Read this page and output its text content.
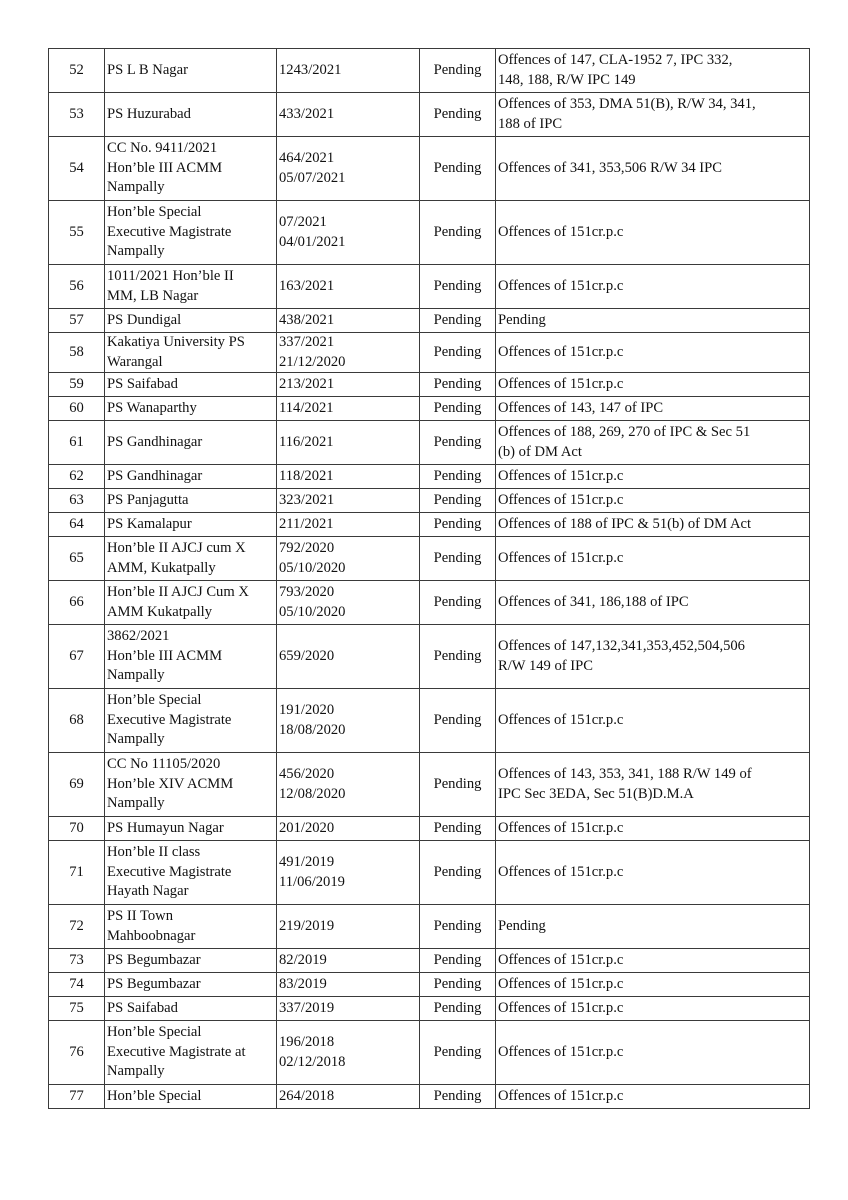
52	PS L B Nagar	1243/2021	Pending	Offences of 147, CLA-1952 7, IPC 332,
148, 188, R/W IPC 149

53	PS Huzurabad	433/2021	Pending	Offences of 353, DMA 51(B), R/W 34, 341,
188 of IPC

54	CC No. 9411/2021
Hon’ble III ACMM
Nampally	464/2021
05/07/2021	Pending	Offences of 341, 353,506 R/W 34 IPC

55	Hon’ble Special
Executive Magistrate
Nampally	07/2021
04/01/2021	Pending	Offences of 151cr.p.c

56	1011/2021 Hon’ble II
MM, LB Nagar	163/2021	Pending	Offences of 151cr.p.c

57	PS Dundigal	438/2021	Pending	Pending

58	Kakatiya University PS
Warangal	337/2021
21/12/2020	Pending	Offences of 151cr.p.c

59	PS Saifabad	213/2021	Pending	Offences of 151cr.p.c

60	PS Wanaparthy	114/2021	Pending	Offences of 143, 147 of IPC

61	PS Gandhinagar	116/2021	Pending	Offences of 188, 269, 270 of IPC & Sec 51
(b) of DM Act

62	PS Gandhinagar	118/2021	Pending	Offences of 151cr.p.c

63	PS Panjagutta	323/2021	Pending	Offences of 151cr.p.c

64	PS Kamalapur	211/2021	Pending	Offences of 188 of IPC & 51(b) of DM Act

65	Hon’ble II AJCJ cum X
AMM, Kukatpally	792/2020
05/10/2020	Pending	Offences of 151cr.p.c

66	Hon’ble II AJCJ Cum X
AMM Kukatpally	793/2020
05/10/2020	Pending	Offences of 341, 186,188 of IPC

67	3862/2021
Hon’ble III ACMM
Nampally	659/2020	Pending	Offences of 147,132,341,353,452,504,506
R/W 149 of IPC

68	Hon’ble Special
Executive Magistrate
Nampally	191/2020
18/08/2020	Pending	Offences of 151cr.p.c

69	CC No 11105/2020
Hon’ble XIV ACMM
Nampally	456/2020
12/08/2020	Pending	Offences of 143, 353, 341, 188 R/W 149 of
IPC Sec 3EDA, Sec 51(B)D.M.A

70	PS Humayun Nagar	201/2020	Pending	Offences of 151cr.p.c

71	Hon’ble II class
Executive Magistrate
Hayath Nagar	491/2019
11/06/2019	Pending	Offences of 151cr.p.c

72	PS II Town
Mahboobnagar	219/2019	Pending	Pending

73	PS Begumbazar	82/2019	Pending	Offences of 151cr.p.c

74	PS Begumbazar	83/2019	Pending	Offences of 151cr.p.c

75	PS Saifabad	337/2019	Pending	Offences of 151cr.p.c

76	Hon’ble Special
Executive Magistrate at
Nampally	196/2018
02/12/2018	Pending	Offences of 151cr.p.c

77	Hon’ble Special	264/2018	Pending	Offences of 151cr.p.c
